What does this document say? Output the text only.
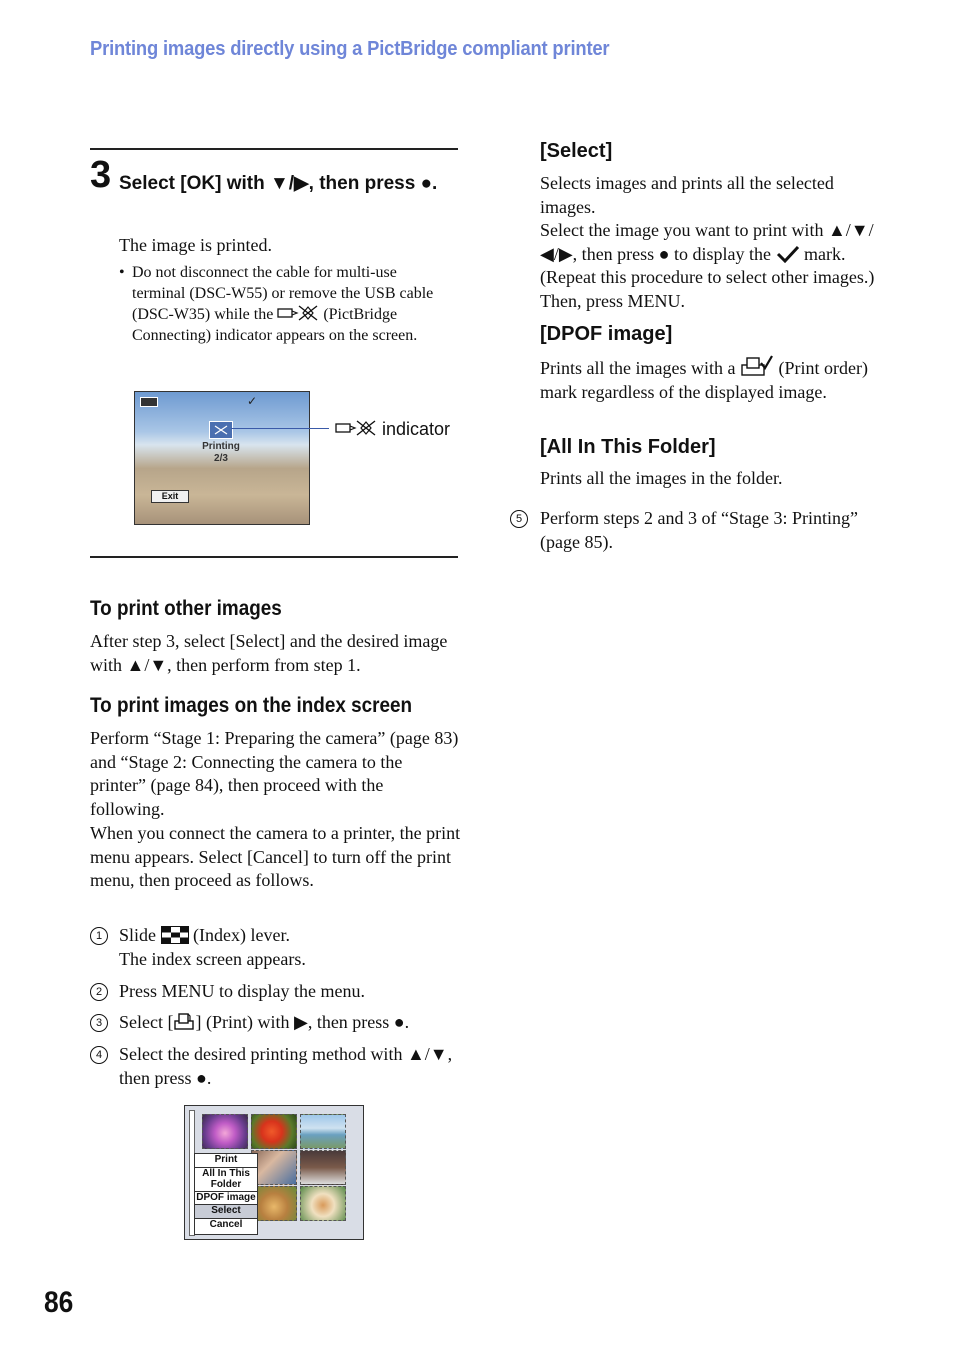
Printing images directly using a PictBridge compliant printer
3 Select [OK] with ▼/▶, then press ●.
The image is printed.
• Do not disconnect the cable for multi-use terminal (DSC-W55) or remove the USB cable (DSC-W35) while the	(PictBridge Connecting) indicator appears on the screen.
✓
Printing
2/3
Exit
indicator
To print other images
After step 3, select [Select] and the desired image with ▲/▼, then perform from step 1.
To print images on the index screen
Perform “Stage 1: Preparing the camera” (page 83) and “Stage 2: Connecting the camera to the printer” (page 84), then proceed with the following.
When you connect the camera to a printer, the print menu appears. Select [Cancel] to turn off the print menu, then proceed as follows.
1 Slide (Index) lever.
The index screen appears.
2 Press MENU to display the menu.
3 Select [ ] (Print) with ▶, then press ●.
4 Select the desired printing method with ▲/▼, then press ●.
Print
All In This Folder
DPOF image
Select
Cancel
[Select]
Selects images and prints all the selected images.
Select the image you want to print with ▲/▼/◀/▶, then press ● to display the mark. (Repeat this procedure to select other images.) Then, press MENU.
[DPOF image]
Prints all the images with a (Print order) mark regardless of the displayed image.
[All In This Folder]
Prints all the images in the folder.
5 Perform steps 2 and 3 of “Stage 3: Printing” (page 85).
86
